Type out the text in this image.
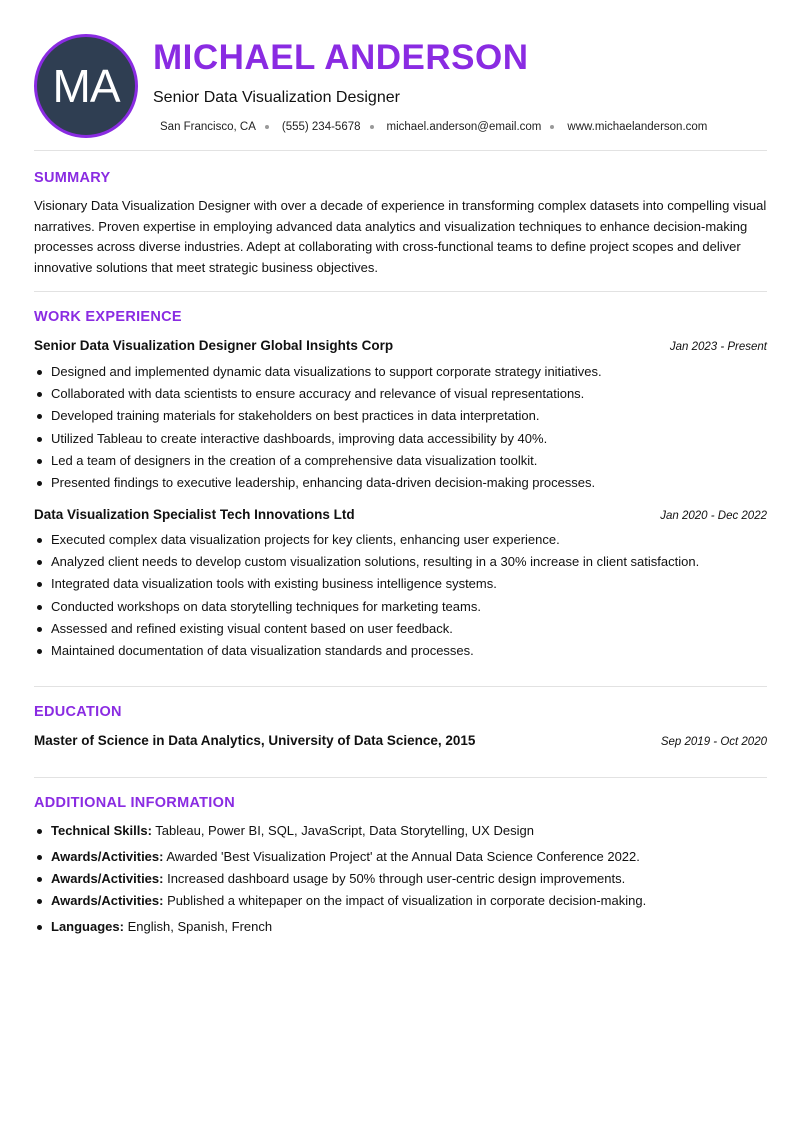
MA
MICHAEL ANDERSON
Senior Data Visualization Designer
San Francisco, CA (555) 234-5678 michael.anderson@email.com www.michaelanderson.com
SUMMARY

Visionary Data Visualization Designer with over a decade of experience in transforming complex datasets into compelling visual narratives. Proven expertise in employing advanced data analytics and visualization techniques to enhance decision-making processes across diverse industries. Adept at collaborating with cross-functional teams to define project scopes and deliver innovative solutions that meet strategic business objectives.

WORK EXPERIENCE
Senior Data Visualization Designer Global Insights Corp	Jan 2023 - Present
Designed and implemented dynamic data visualizations to support corporate strategy initiatives.
Collaborated with data scientists to ensure accuracy and relevance of visual representations.
Developed training materials for stakeholders on best practices in data interpretation.
Utilized Tableau to create interactive dashboards, improving data accessibility by 40%.
Led a team of designers in the creation of a comprehensive data visualization toolkit.
Presented findings to executive leadership, enhancing data-driven decision-making processes.
Data Visualization Specialist Tech Innovations Ltd	Jan 2020 - Dec 2022
Executed complex data visualization projects for key clients, enhancing user experience.
Analyzed client needs to develop custom visualization solutions, resulting in a 30% increase in client satisfaction.
Integrated data visualization tools with existing business intelligence systems.
Conducted workshops on data storytelling techniques for marketing teams.
Assessed and refined existing visual content based on user feedback.
Maintained documentation of data visualization standards and processes.
EDUCATION
Master of Science in Data Analytics, University of Data Science, 2015	Sep 2019 - Oct 2020
ADDITIONAL INFORMATION
Technical Skills: Tableau, Power BI, SQL, JavaScript, Data Storytelling, UX Design
Awards/Activities: Awarded 'Best Visualization Project' at the Annual Data Science Conference 2022.
Awards/Activities: Increased dashboard usage by 50% through user-centric design improvements.
Awards/Activities: Published a whitepaper on the impact of visualization in corporate decision-making.
Languages: English, Spanish, French
